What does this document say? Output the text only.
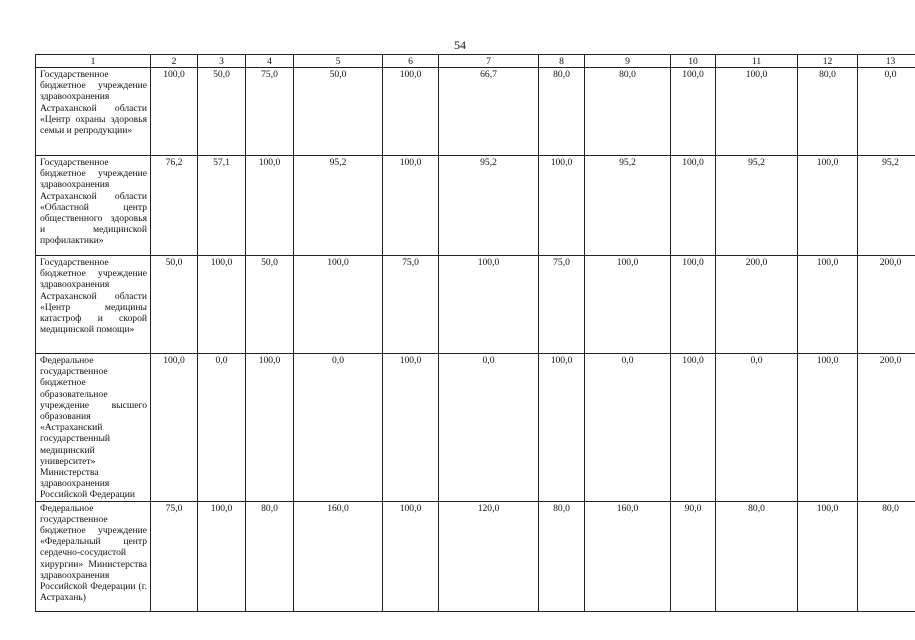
54
1	2	3	4	5	6	7	8	9	10	11	12	13
Государственное бюджетное учреждение здравоохранения Астраханской области «Центр охраны здоровья семьи и репродукции»	100,0	50,0	75,0	50,0	100,0	66,7	80,0	80,0	100,0	100,0	80,0	0,0
Государственное бюджетное учреждение здравоохранения Астраханской области «Областной центр общественного здоровья и медицинской профилактики»	76,2	57,1	100,0	95,2	100,0	95,2	100,0	95,2	100,0	95,2	100,0	95,2
Государственное бюджетное учреждение здравоохранения Астраханской области «Центр медицины катастроф и скорой медицинской помощи»	50,0	100,0	50,0	100,0	75,0	100,0	75,0	100,0	100,0	200,0	100,0	200,0
Федеральное государственное бюджетное образовательное учреждение высшего образования «Астраханский государственный медицинский университет» Министерства здравоохранения Российской Федерации	100,0	0,0	100,0	0,0	100,0	0,0	100,0	0,0	100,0	0,0	100,0	200,0
Федеральное государственное бюджетное учреждение «Федеральный центр сердечно-сосудистой хирургии» Министерства здравоохранения Российской Федерации (г. Астрахань)	75,0	100,0	80,0	160,0	100,0	120,0	80,0	160,0	90,0	80,0	100,0	80,0
